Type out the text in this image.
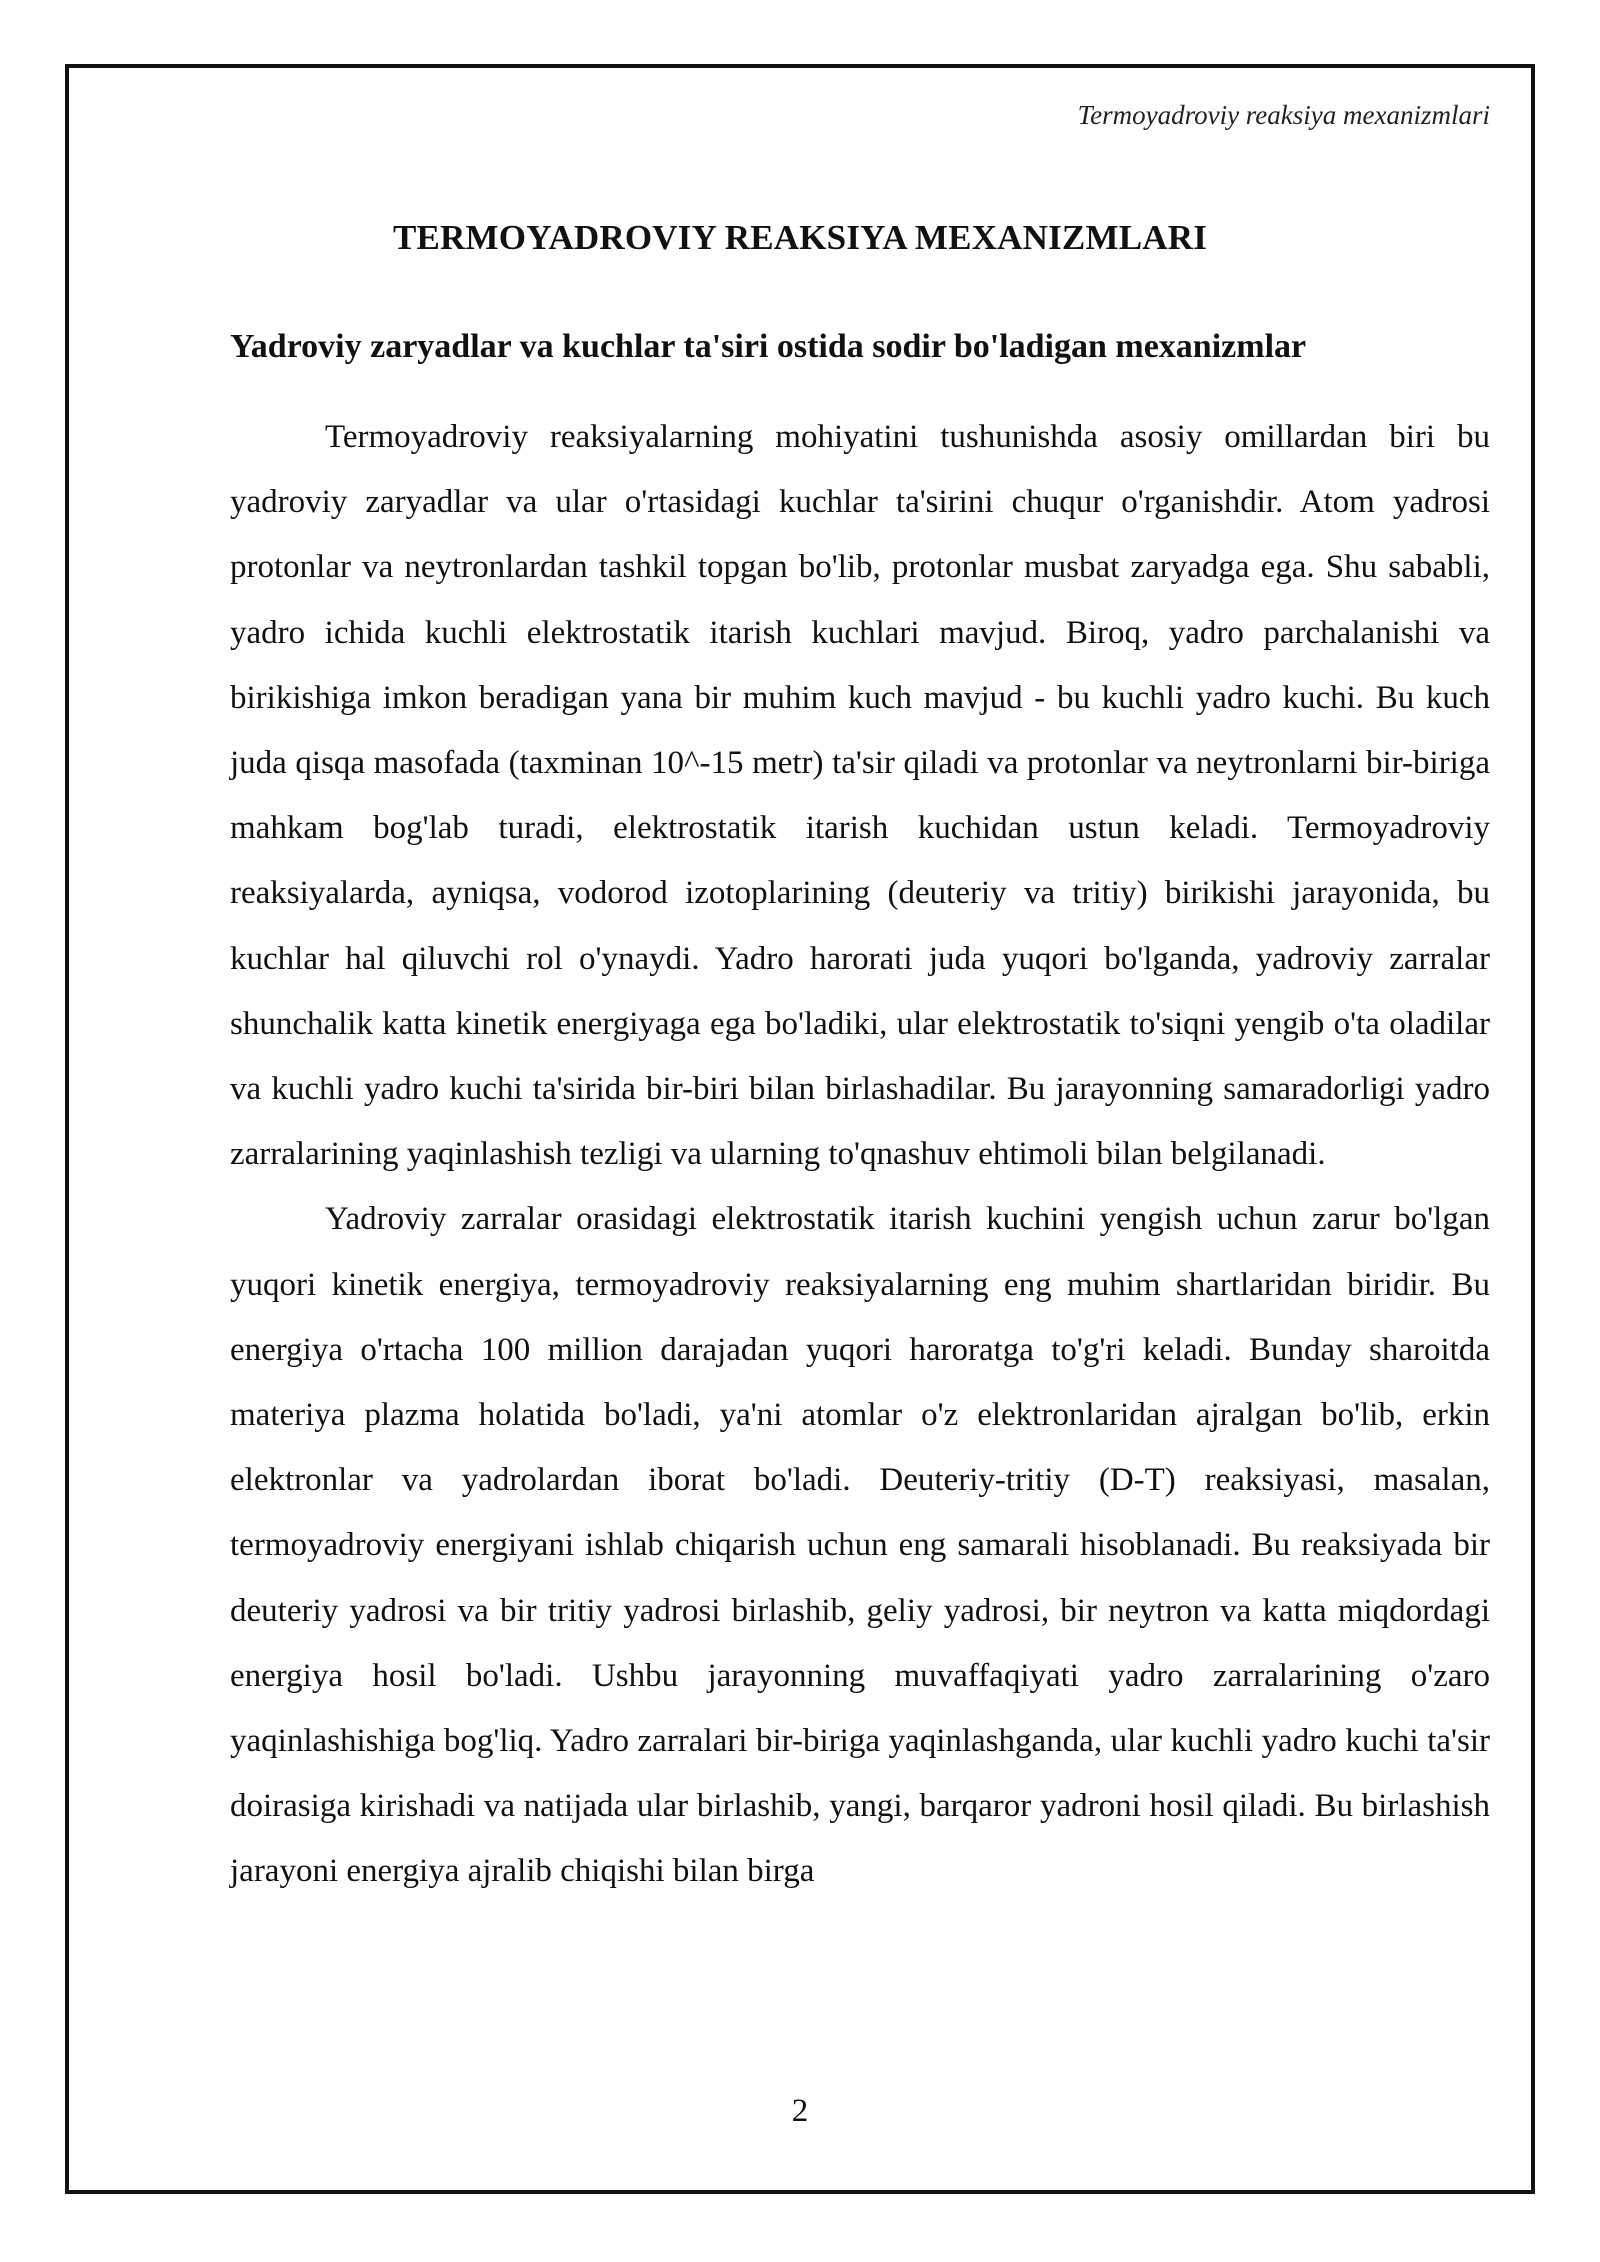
Termoyadroviy reaksiya mexanizmlari
TERMOYADROVIY REAKSIYA MEXANIZMLARI
Yadroviy zaryadlar va kuchlar ta'siri ostida sodir bo'ladigan mexanizmlar

Termoyadroviy reaksiyalarning mohiyatini tushunishda asosiy omillardan biri bu yadroviy zaryadlar va ular o'rtasidagi kuchlar ta'sirini chuqur o'rganishdir. Atom yadrosi protonlar va neytronlardan tashkil topgan bo'lib, protonlar musbat zaryadga ega. Shu sababli, yadro ichida kuchli elektrostatik itarish kuchlari mavjud. Biroq, yadro parchalanishi va birikishiga imkon beradigan yana bir muhim kuch mavjud - bu kuchli yadro kuchi. Bu kuch juda qisqa masofada (taxminan 10^-15 metr) ta'sir qiladi va protonlar va neytronlarni bir-biriga mahkam bog'lab turadi, elektrostatik itarish kuchidan ustun keladi. Termoyadroviy reaksiyalarda, ayniqsa, vodorod izotoplarining (deuteriy va tritiy) birikishi jarayonida, bu kuchlar hal qiluvchi rol o'ynaydi. Yadro harorati juda yuqori bo'lganda, yadroviy zarralar shunchalik katta kinetik energiyaga ega bo'ladiki, ular elektrostatik to'siqni yengib o'ta oladilar va kuchli yadro kuchi ta'sirida bir-biri bilan birlashadilar. Bu jarayonning samaradorligi yadro zarralarining yaqinlashish tezligi va ularning to'qnashuv ehtimoli bilan belgilanadi.

Yadroviy zarralar orasidagi elektrostatik itarish kuchini yengish uchun zarur bo'lgan yuqori kinetik energiya, termoyadroviy reaksiyalarning eng muhim shartlaridan biridir. Bu energiya o'rtacha 100 million darajadan yuqori haroratga to'g'ri keladi. Bunday sharoitda materiya plazma holatida bo'ladi, ya'ni atomlar o'z elektronlaridan ajralgan bo'lib, erkin elektronlar va yadrolardan iborat bo'ladi. Deuteriy-tritiy (D-T) reaksiyasi, masalan, termoyadroviy energiyani ishlab chiqarish uchun eng samarali hisoblanadi. Bu reaksiyada bir deuteriy yadrosi va bir tritiy yadrosi birlashib, geliy yadrosi, bir neytron va katta miqdordagi energiya hosil bo'ladi. Ushbu jarayonning muvaffaqiyati yadro zarralarining o'zaro yaqinlashishiga bog'liq. Yadro zarralari bir-biriga yaqinlashganda, ular kuchli yadro kuchi ta'sir doirasiga kirishadi va natijada ular birlashib, yangi, barqaror yadroni hosil qiladi. Bu birlashish jarayoni energiya ajralib chiqishi bilan birga

2
